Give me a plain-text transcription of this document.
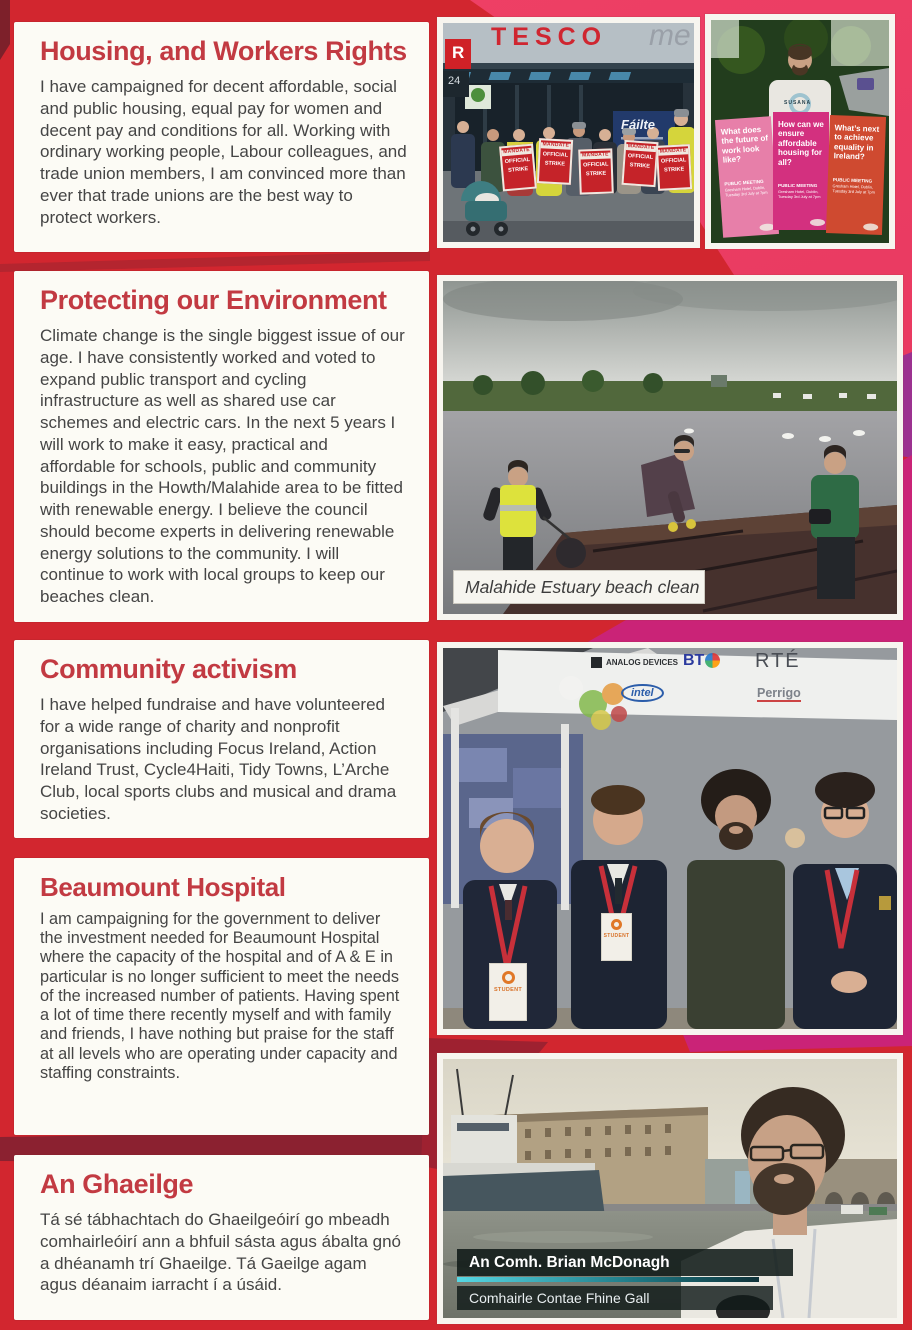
Housing, and Workers Rights

I have campaigned for decent affordable, social and public housing, equal pay for women and decent pay and conditions for all. Working with ordinary working people, Labour colleagues, and trade union members, I am convinced more than ever that trade unions are the best way to protect workers.

Protecting our Environment

Climate change is the single biggest issue of our age. I have consistently worked and voted to expand public transport and cycling infrastructure as well as shared use car schemes and electric cars. In the next 5 years I will work to make it easy, practical and affordable for schools, public and community buildings in the Howth/Malahide area to be fitted with renewable energy. I believe the council should become experts in delivering renewable energy solutions to the community. I will continue to work with local groups to keep our beaches clean.

Community activism

I have helped fundraise and have volunteered for a wide range of charity and nonprofit organisations including Focus Ireland, Action Ireland Trust, Cycle4Haiti, Tidy Towns, L’Arche Club, local sports clubs and musical and drama societies.

Beaumount Hospital

I am campaigning for the government to deliver the investment needed for Beaumount Hospital where the capacity of the hospital and of A & E in particular is no longer sufficient to meet the needs of the increased number of patients. Having spent a lot of time there recently myself and with family and friends, I have nothing but praise for the staff at all levels who are operating under capacity and staffing constraints.

An Ghaeilge

Tá sé tábhachtach do Ghaeilgeóirí go mbeadh comhairleóirí ann a bhfuil sásta agus ábalta gnó a dhéanamh trí Ghaeilge. Tá Gaeilge agam agus déanaim iarracht í a úsáid.

TESCO me
R
24
Fáilte
MANDATE
OFFICIAL
STRIKE
MANDATE
OFFICIAL
STRIKE
MANDATE
OFFICIAL
STRIKE
MANDATE
OFFICIAL
STRIKE
MANDATE
OFFICIAL
STRIKE
SUSANA
What does the future of work look like?
PUBLIC MEETING
Gresham Hotel, Dublin, Tuesday 3rd July at 7pm
How can we ensure affordable housing for all?
PUBLIC MEETING
Gresham Hotel, Dublin, Tuesday 3rd July at 7pm
What’s next to achieve equality in Ireland?
PUBLIC MEETING
Gresham Hotel, Dublin, Tuesday 3rd July at 7pm
Malahide Estuary beach clean
ANALOG DEVICES BT	RTÉ
intel	Perrigo
STUDENT
STUDENT
An Comh. Brian McDonagh
Comhairle Contae Fhine Gall
